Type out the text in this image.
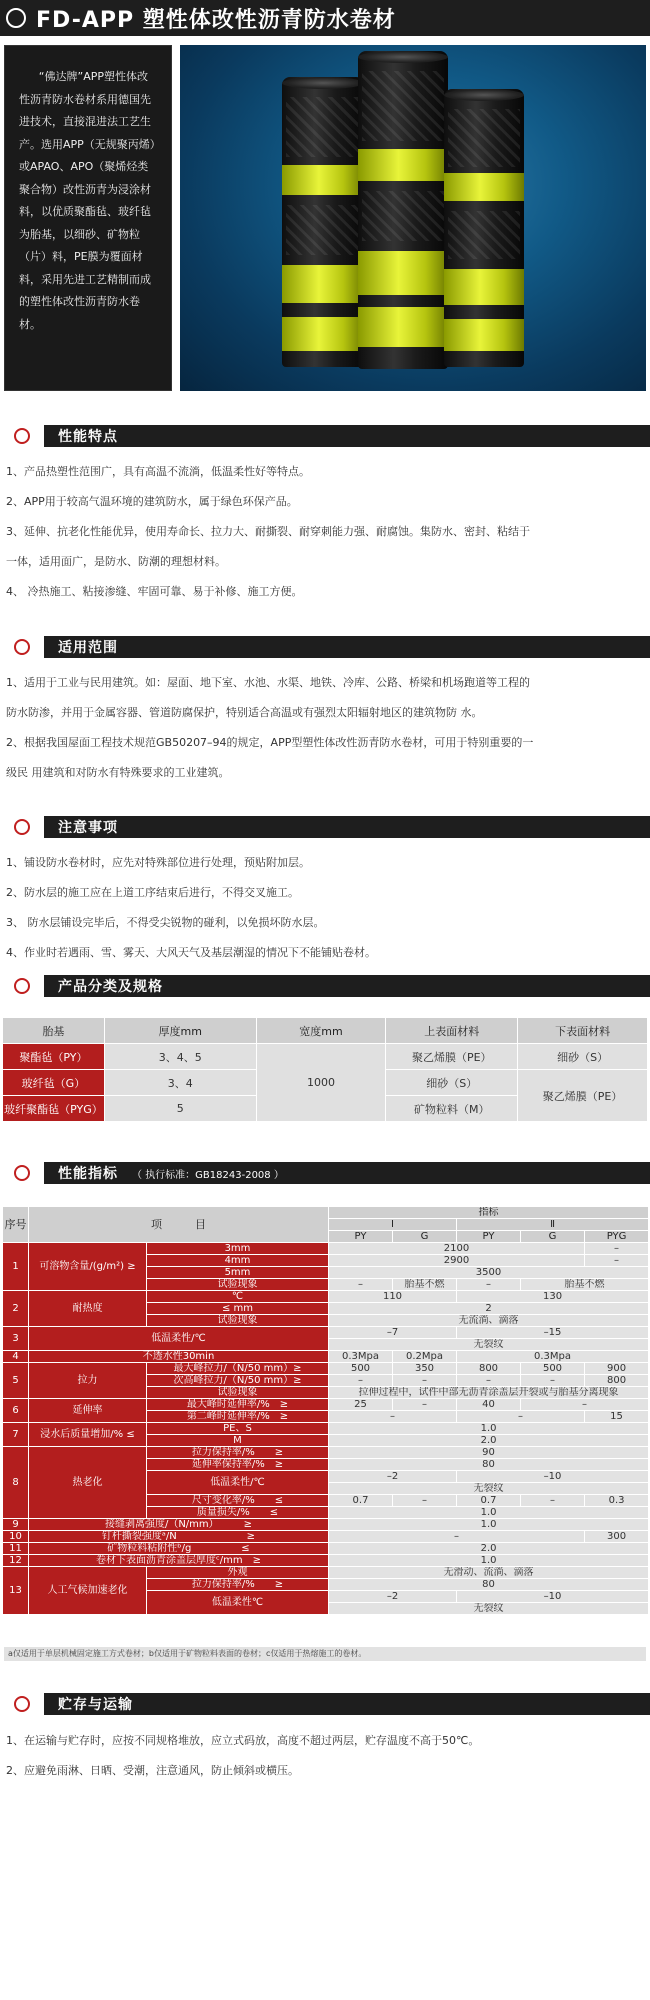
FD-APP 塑性体改性沥青防水卷材

“佛达牌”APP塑性体改性沥青防水卷材系用德国先进技术，直接混进法工艺生产。选用APP（无规聚丙烯）或APAO、APO（聚烯烃类聚合物）改性沥青为浸涂材料，以优质聚酯毡、玻纤毡为胎基，以细砂、矿物粒（片）料，PE膜为覆面材料，采用先进工艺精制而成的塑性体改性沥青防水卷材。

性能特点
1、产品热塑性范围广，具有高温不流淌，低温柔性好等特点。
2、APP用于较高气温环境的建筑防水，属于绿色环保产品。
3、延伸、抗老化性能优异，使用寿命长、拉力大、耐撕裂、耐穿刺能力强、耐腐蚀。集防水、密封、粘结于
一体，适用面广，是防水、防潮的理想材料。
4、 冷热施工、粘接渗缝、牢固可靠、易于补修、施工方便。
适用范围
1、适用于工业与民用建筑。如：屋面、地下室、水池、水渠、地铁、冷库、公路、桥梁和机场跑道等工程的
防水防渗，并用于金属容器、管道防腐保护，特别适合高温或有强烈太阳辐射地区的建筑物防 水。
2、根据我国屋面工程技术规范GB50207–94的规定，APP型塑性体改性沥青防水卷材，可用于特别重要的一
级民 用建筑和对防水有特殊要求的工业建筑。
注意事项
1、铺设防水卷材时，应先对特殊部位进行处理，预贴附加层。
2、防水层的施工应在上道工序结束后进行，不得交叉施工。
3、 防水层铺设完毕后，不得受尖锐物的碰利，以免损坏防水层。
4、作业时若遇雨、雪、雾天、大风天气及基层潮湿的情况下不能铺贴卷材。
产品分类及规格
胎基	厚度mm	宽度mm	上表面材料	下表面材料
聚酯毡（PY）	3、4、5	1000	聚乙烯膜（PE）	细砂（S）
玻纤毡（G）	3、4		细砂（S）	聚乙烯膜（PE）
玻纤聚酯毡（PYG）	5		矿物粒料（M）	
性能指标 （ 执行标准：GB18243-2008 ）
序号	项　　　目		指标				
			Ⅰ		Ⅱ		
			PY	G	PY	G	PYG
1	可溶物含量/(g/m²) ≥	3mm	2100				–
		4mm	2900				–
		5mm	3500				
		试验现象	–	胎基不燃	–	胎基不燃	
2	耐热度	℃	110		130		
		≤ mm	2				
		试验现象	无流淌、滴落				
3	低温柔性/℃		–7		–15		
			无裂纹				
4	不透水性30min		0.3Mpa	0.2Mpa	0.3Mpa		
5	拉力	最大峰拉力/（N/50 mm）≥	500	350	800	500	900
		次高峰拉力/（N/50 mm）≥	–	–	–	–	800
		试验现象	拉伸过程中，试件中部无沥青涂盖层开裂或与胎基分离现象				
6	延伸率	最大峰时延伸率/%　≥	25	–	40	–	
		第二峰时延伸率/%　≥	–		–		15
7	浸水后质量增加/% ≤	PE、S	1.0				
		M	2.0				
8	热老化	拉力保持率/%　　≥	90				
		延伸率保持率/%　≥	80				
		低温柔性/℃	–2		–10		
			无裂纹				
		尺寸变化率/%　　≤	0.7	–	0.7	–	0.3
		质量损失/%　　≤	1.0				
9	接缝剥离强度/（N/mm）　　　≥		1.0				
10	钉杆撕裂强度ᵃ/N　　　　　　　≥		–				300
11	矿物粒料粘附性ᵇ/g　　　　　≤		2.0				
12	卷材下表面沥青涂盖层厚度ᶜ/mm　≥		1.0				
13	人工气候加速老化	外观	无滑动、流淌、滴落				
		拉力保持率/%　　≥	80				
		低温柔性℃	–2		–10		
			无裂纹				
a仅适用于单层机械固定施工方式卷材；b仅适用于矿物粒料表面的卷材；c仅适用于热熔施工的卷材。
贮存与运输
1、在运输与贮存时，应按不同规格堆放，应立式码放，高度不超过两层，贮存温度不高于50℃。
2、应避免雨淋、日晒、受潮，注意通风，防止倾斜或横压。
